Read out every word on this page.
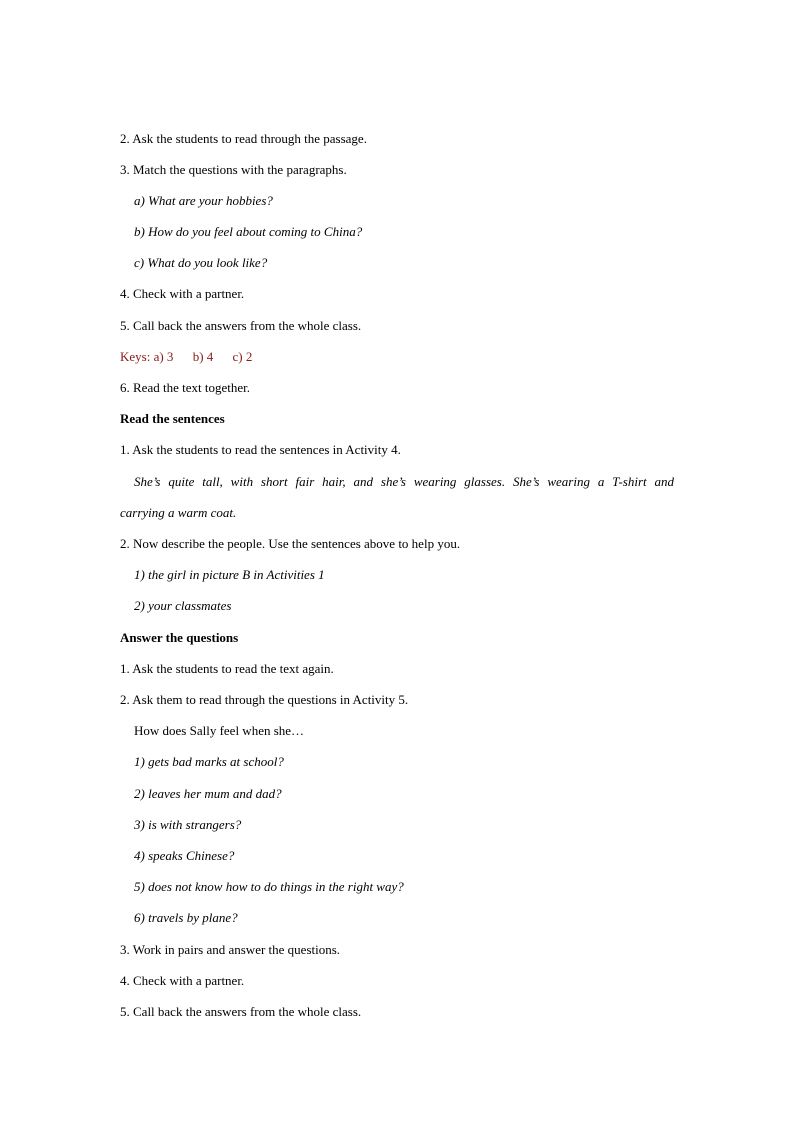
2. Ask the students to read through the passage.
3. Match the questions with the paragraphs.
a) What are your hobbies?
b) How do you feel about coming to China?
c) What do you look like?
4. Check with a partner.
5. Call back the answers from the whole class.
Keys: a) 3 b) 4 c) 2
6. Read the text together.
Read the sentences
1. Ask the students to read the sentences in Activity 4.
She’s quite tall, with short fair hair, and she’s wearing glasses. She’s wearing a T-shirt and
carrying a warm coat.
2. Now describe the people. Use the sentences above to help you.
1) the girl in picture B in Activities 1
2) your classmates
Answer the questions
1. Ask the students to read the text again.
2. Ask them to read through the questions in Activity 5.
How does Sally feel when she…
1) gets bad marks at school?
2) leaves her mum and dad?
3) is with strangers?
4) speaks Chinese?
5) does not know how to do things in the right way?
6) travels by plane?
3. Work in pairs and answer the questions.
4. Check with a partner.
5. Call back the answers from the whole class.
